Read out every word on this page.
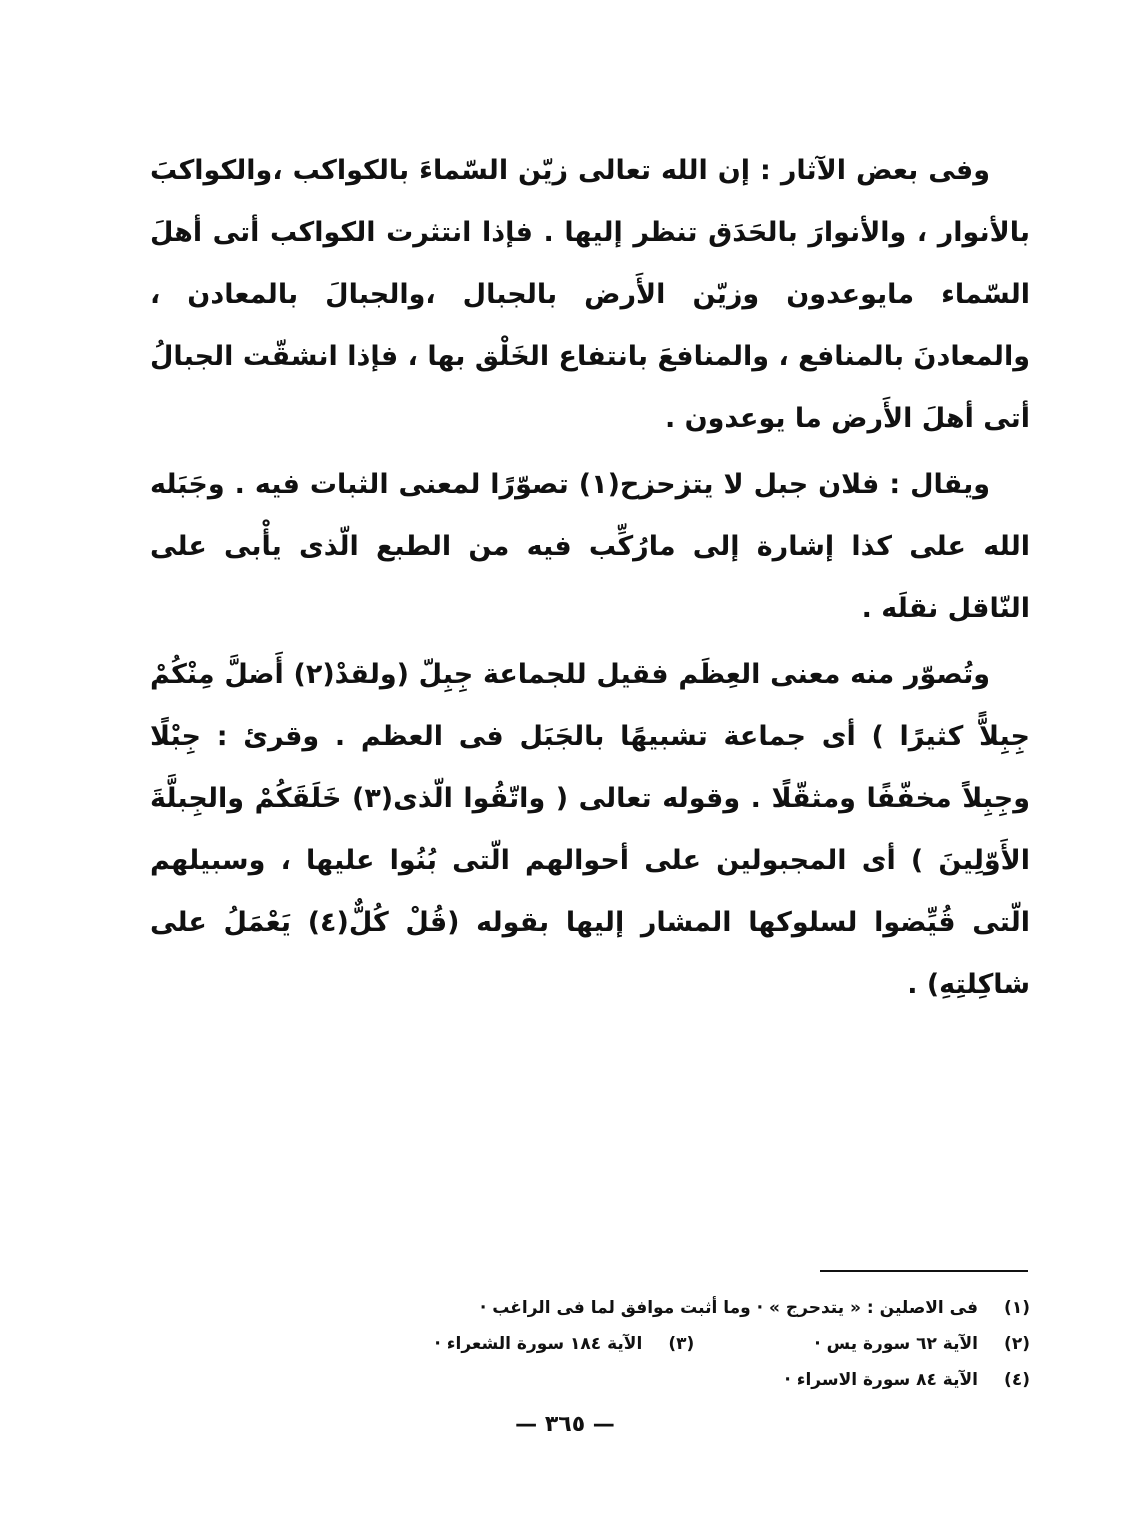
وفى بعض الآثار : إن الله تعالى زيّن السّماءَ بالكواكب ،والكواكبَ بالأنوار ، والأنوارَ بالحَدَق تنظر إليها . فإذا انتثرت الكواكب أتى أهلَ السّماء مايوعدون وزيّن الأَرض بالجبال ،والجبالَ بالمعادن ، والمعادنَ بالمنافع ، والمنافعَ بانتفاع الخَلْق بها ، فإذا انشقّت الجبالُ أتى أهلَ الأَرض ما يوعدون .

ويقال : فلان جبل لا يتزحزح(١) تصوّرًا لمعنى الثبات فيه . وجَبَله الله على كذا إشارة إلى مارُكِّب فيه من الطبع الّذى يأْبى على النّاقل نقلَه .

وتُصوّر منه معنى العِظَم فقيل للجماعة جِبِلّ (ولقدْ(٢) أَضلَّ مِنْكُمْ جِبِلاًّ كثيرًا ) أى جماعة تشبيهًا بالجَبَل فى العظم . وقرئ : جِبْلًا وجِبِلاً مخفّفًا ومثقّلًا . وقوله تعالى ( واتّقُوا الّذى(٣) خَلَقَكُمْ والجِبلَّةَ الأَوّلِينَ ) أى المجبولين على أحوالهم الّتى بُنُوا عليها ، وسبيلهم الّتى قُيِّضوا لسلوكها المشار إليها بقوله (قُلْ كُلٌّ(٤) يَعْمَلُ على شاكِلتِهِ) .

(١)
فى الاصلين : « يتدحرج » · وما أثبت موافق لما فى الراغب ·
(٢)
الآية ٦٢ سورة يس ·
(٣)
الآية ١٨٤ سورة الشعراء ·
(٤)
الآية ٨٤ سورة الاسراء ·
— ٣٦٥ —
